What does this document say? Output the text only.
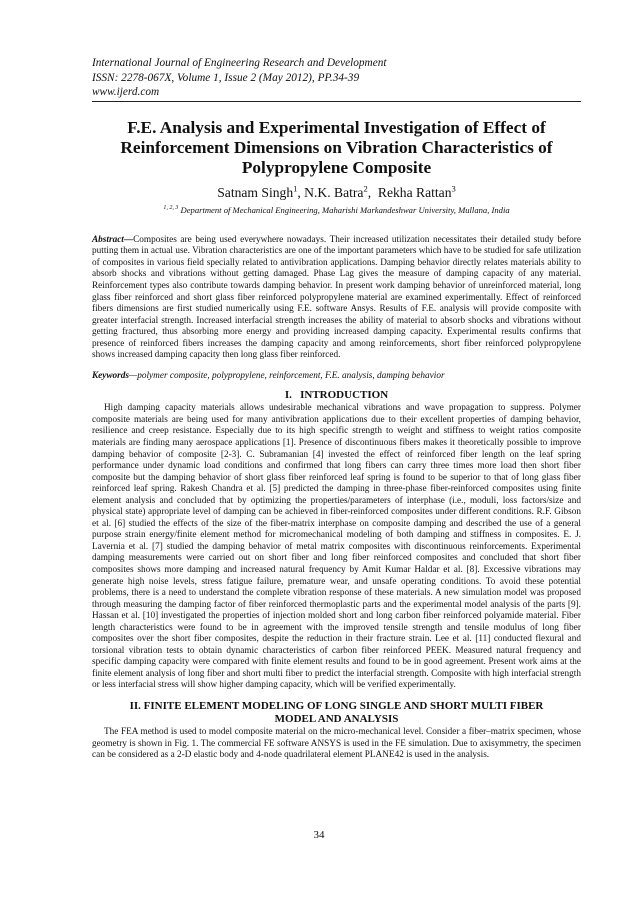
International Journal of Engineering Research and Development
ISSN: 2278-067X, Volume 1, Issue 2 (May 2012), PP.34-39
www.ijerd.com
F.E. Analysis and Experimental Investigation of Effect of Reinforcement Dimensions on Vibration Characteristics of Polypropylene Composite
Satnam Singh$^1$, N.K. Batra$^2$,  Rekha Rattan$^3$
$^{1, 2, 3}$ Department of Mechanical Engineering, Maharishi Markandeshwar University, Mullana, India
Abstract—Composites are being used everywhere nowadays. Their increased utilization necessitates their detailed study before putting them in actual use. Vibration characteristics are one of the important parameters which have to be studied for safe utilization of composites in various field specially related to antivibration applications. Damping behavior directly relates materials ability to absorb shocks and vibrations without getting damaged. Phase Lag gives the measure of damping capacity of any material. Reinforcement types also contribute towards damping behavior. In present work damping behavior of unreinforced material, long glass fiber reinforced and short glass fiber reinforced polypropylene material are examined experimentally. Effect of reinforced fibers dimensions are first studied numerically using F.E. software Ansys. Results of F.E. analysis will provide composite with greater interfacial strength. Increased interfacial strength increases the ability of material to absorb shocks and vibrations without getting fractured, thus absorbing more energy and providing increased damping capacity. Experimental results confirms that presence of reinforced fibers increases the damping capacity and among reinforcements, short fiber reinforced polypropylene shows increased damping capacity then long glass fiber reinforced.
Keywords—polymer composite, polypropylene, reinforcement, F.E. analysis, damping behavior
I.   INTRODUCTION
High damping capacity materials allows undesirable mechanical vibrations and wave propagation to suppress. Polymer composite materials are being used for many antivibration applications due to their excellent properties of damping behavior, resilience and creep resistance. Especially due to its high specific strength to weight and stiffness to weight ratios composite materials are finding many aerospace applications [1]. Presence of discontinuous fibers makes it theoretically possible to improve damping behavior of composite [2-3]. C. Subramanian [4] invested the effect of reinforced fiber length on the leaf spring performance under dynamic load conditions and confirmed that long fibers can carry three times more load then short fiber composite but the damping behavior of short glass fiber reinforced leaf spring is found to be superior to that of long glass fiber reinforced leaf spring. Rakesh Chandra et al. [5] predicted the damping in three-phase fiber-reinforced composites using finite element analysis and concluded that by optimizing the properties/parameters of interphase (i.e., moduli, loss factors/size and physical state) appropriate level of damping can be achieved in fiber-reinforced composites under different conditions. R.F. Gibson et al. [6] studied the effects of the size of the fiber-matrix interphase on composite damping and described the use of a general purpose strain energy/finite element method for micromechanical modeling of both damping and stiffness in composites. E. J. Lavernia et al. [7] studied the damping behavior of metal matrix composites with discontinuous reinforcements. Experimental damping measurements were carried out on short fiber and long fiber reinforced composites and concluded that short fiber composites shows more damping and increased natural frequency by Amit Kumar Haldar et al. [8]. Excessive vibrations may generate high noise levels, stress fatigue failure, premature wear, and unsafe operating conditions. To avoid these potential problems, there is a need to understand the complete vibration response of these materials. A new simulation model was proposed through measuring the damping factor of fiber reinforced thermoplastic parts and the experimental model analysis of the parts [9]. Hassan et al. [10] investigated the properties of injection molded short and long carbon fiber reinforced polyamide material. Fiber length characteristics were found to be in agreement with the improved tensile strength and tensile modulus of long fiber composites over the short fiber composites, despite the reduction in their fracture strain. Lee et al. [11] conducted flexural and torsional vibration tests to obtain dynamic characteristics of carbon fiber reinforced PEEK. Measured natural frequency and specific damping capacity were compared with finite element results and found to be in good agreement. Present work aims at the finite element analysis of long fiber and short multi fiber to predict the interfacial strength. Composite with high interfacial strength or less interfacial stress will show higher damping capacity, which will be verified experimentally.
II. FINITE ELEMENT MODELING OF LONG SINGLE AND SHORT MULTI FIBER MODEL AND ANALYSIS
The FEA method is used to model composite material on the micro-mechanical level. Consider a fiber–matrix specimen, whose geometry is shown in Fig. 1. The commercial FE software ANSYS is used in the FE simulation. Due to axisymmetry, the specimen can be considered as a 2-D elastic body and 4-node quadrilateral element PLANE42 is used in the analysis.
34
